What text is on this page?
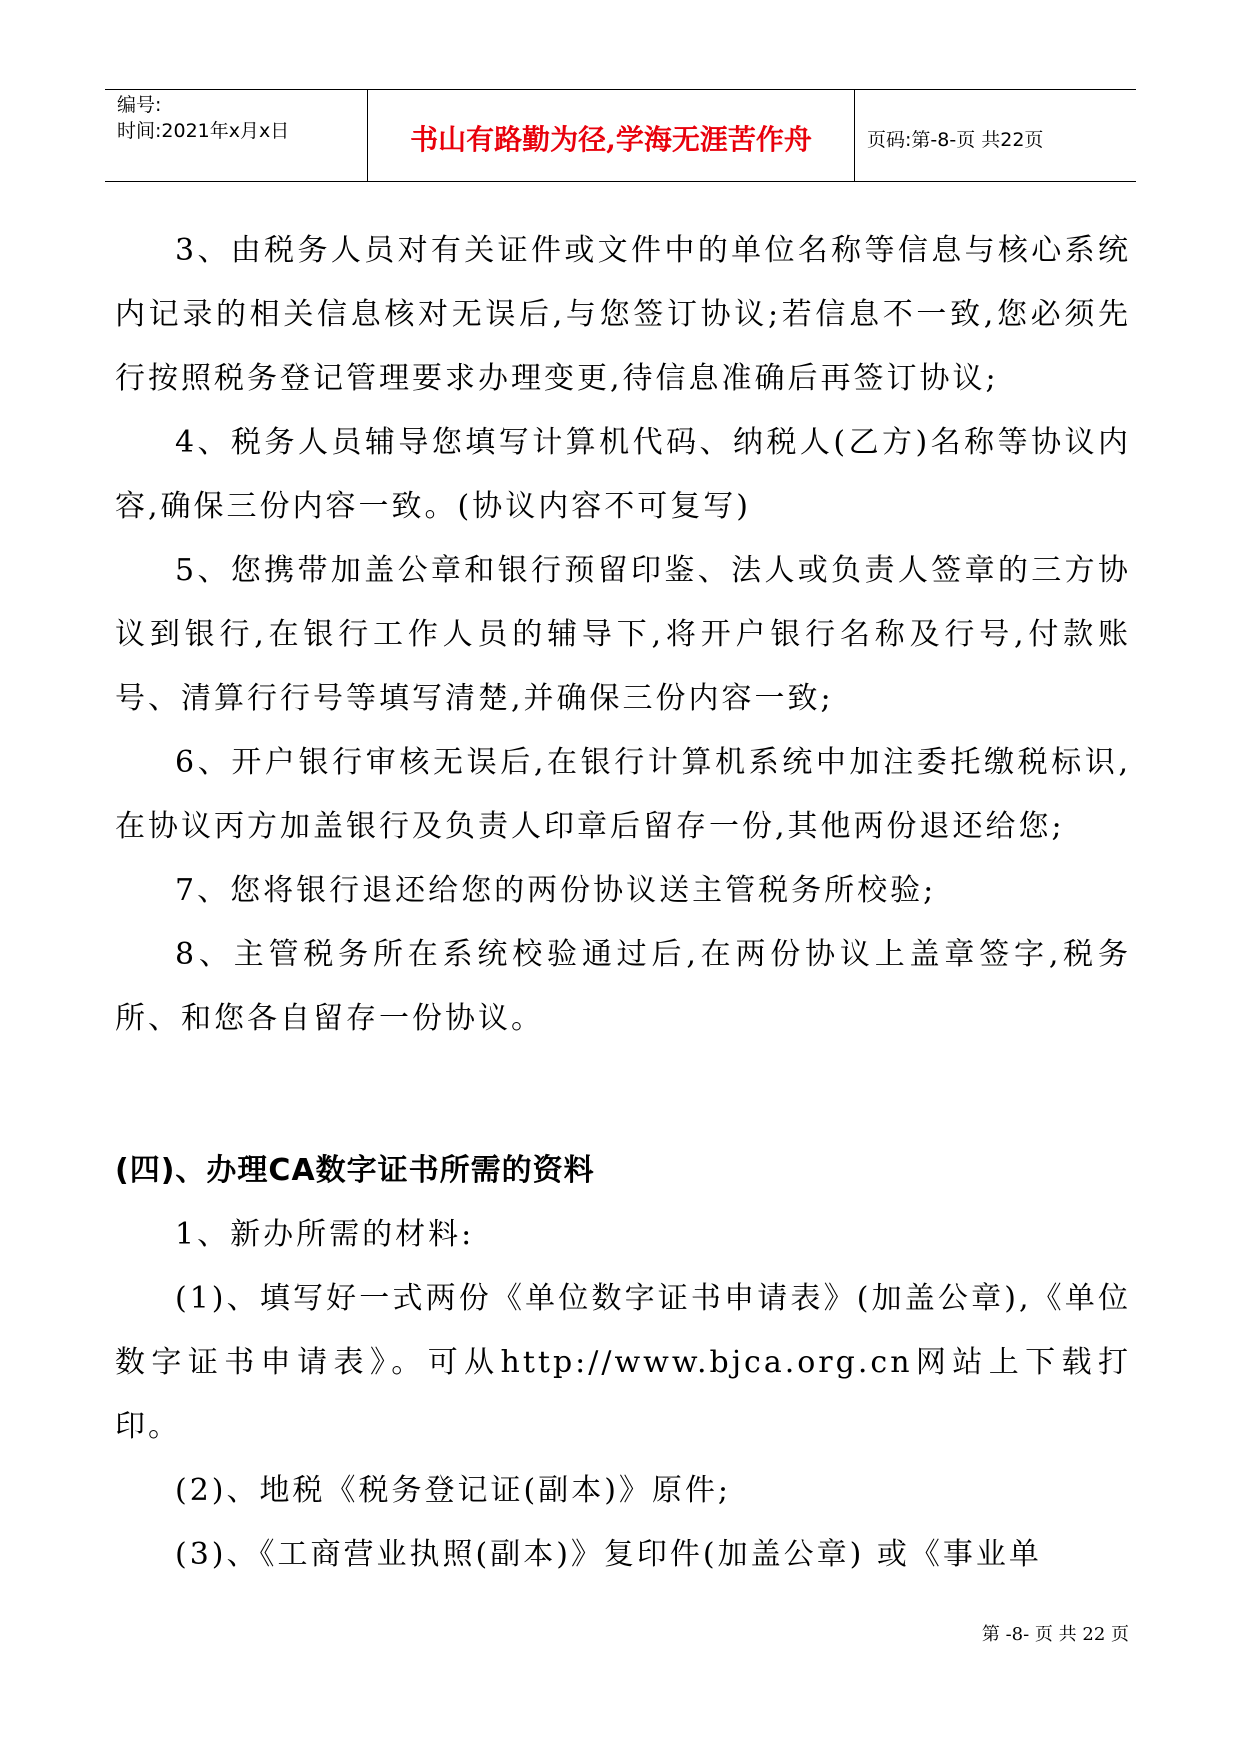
编号:
时间:2021年x月x日	书山有路勤为径,学海无涯苦作舟	页码:第-8-页 共22页

3、由税务人员对有关证件或文件中的单位名称等信息与核心系统内记录的相关信息核对无误后,与您签订协议;若信息不一致,您必须先行按照税务登记管理要求办理变更,待信息准确后再签订协议;

4、税务人员辅导您填写计算机代码、纳税人(乙方)名称等协议内容,确保三份内容一致。(协议内容不可复写)

5、您携带加盖公章和银行预留印鉴、法人或负责人签章的三方协议到银行,在银行工作人员的辅导下,将开户银行名称及行号,付款账号、清算行行号等填写清楚,并确保三份内容一致;

6、开户银行审核无误后,在银行计算机系统中加注委托缴税标识,在协议丙方加盖银行及负责人印章后留存一份,其他两份退还给您;

7、您将银行退还给您的两份协议送主管税务所校验;

8、主管税务所在系统校验通过后,在两份协议上盖章签字,税务所、和您各自留存一份协议。

(四)、办理CA数字证书所需的资料

1、新办所需的材料:

(1)、填写好一式两份《单位数字证书申请表》(加盖公章),《单位数字证书申请表》。可从http://www.bjca.org.cn网站上下载打印。

(2)、地税《税务登记证(副本)》原件;

(3)、《工商营业执照(副本)》复印件(加盖公章) 或《事业单

第 -8- 页 共 22 页
